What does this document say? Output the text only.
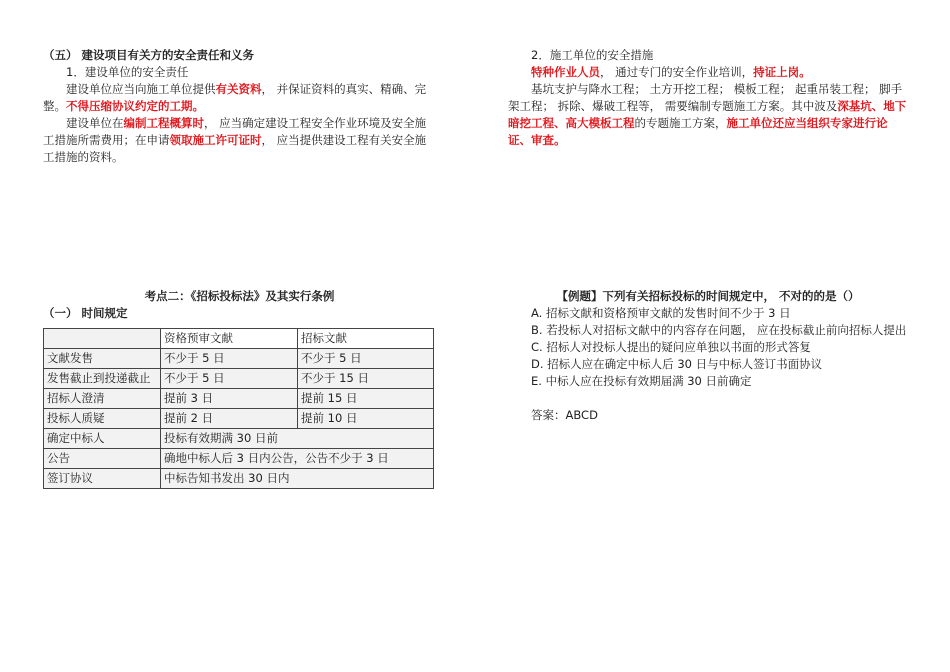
（五） 建设项目有关方的安全责任和义务

1．建设单位的安全责任

建设单位应当向施工单位提供有关资料， 并保证资料的真实、精确、完整。不得压缩协议约定的工期。

建设单位在编制工程概算时， 应当确定建设工程安全作业环境及安全施工措施所需费用；在申请领取施工许可证时， 应当提供建设工程有关安全施工措施的资料。

2．施工单位的安全措施

特种作业人员， 通过专门的安全作业培训，持证上岗。

基坑支护与降水工程； 土方开挖工程； 模板工程； 起重吊装工程； 脚手架工程； 拆除、爆破工程等， 需要编制专题施工方案。其中波及深基坑、地下暗挖工程、高大模板工程的专题施工方案，施工单位还应当组织专家进行论证、审查。

考点二：《招标投标法》及其实行条例

（一） 时间规定

	资格预审文献	招标文献
文献发售	不少于 5 日	不少于 5 日
发售截止到投递截止	不少于 5 日	不少于 15 日
招标人澄清	提前 3 日	提前 15 日
投标人质疑	提前 2 日	提前 10 日
确定中标人	投标有效期满 30 日前	
公告	确地中标人后 3 日内公告，公告不少于 3 日	
签订协议	中标告知书发出 30 日内	

【例题】下列有关招标投标的时间规定中， 不对的的是（）

A. 招标文献和资格预审文献的发售时间不少于 3 日

B. 若投标人对招标文献中的内容存在问题， 应在投标截止前向招标人提出

C. 招标人对投标人提出的疑问应单独以书面的形式答复

D. 招标人应在确定中标人后 30 日与中标人签订书面协议

E. 中标人应在投标有效期届满 30 日前确定

答案：ABCD
